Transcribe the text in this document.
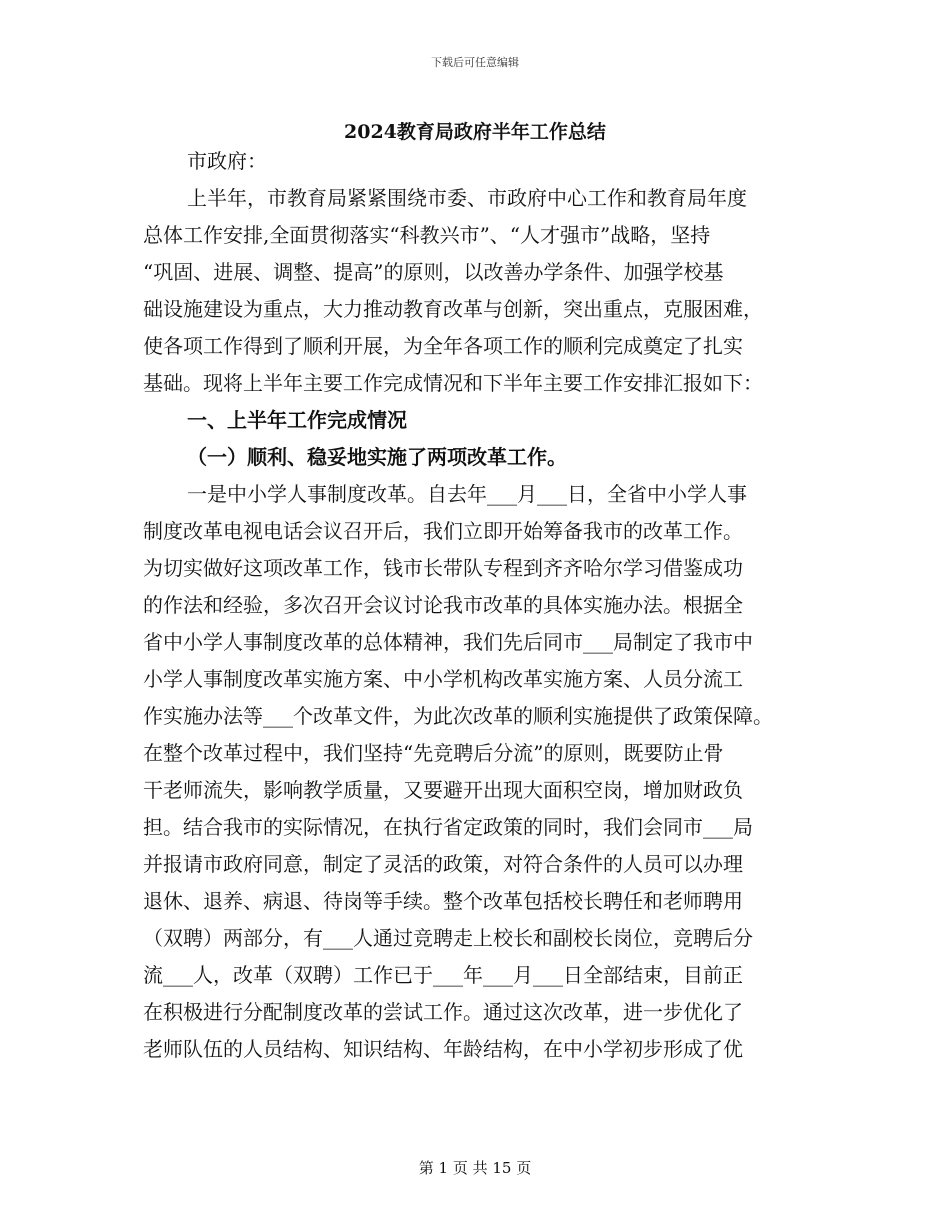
下载后可任意编辑
2024教育局政府半年工作总结
市政府：
上半年，市教育局紧紧围绕市委、市政府中心工作和教育局年度
总体工作安排,全面贯彻落实“科教兴市”、“人才强市”战略，坚持
“巩固、进展、调整、提高”的原则，以改善办学条件、加强学校基
础设施建设为重点，大力推动教育改革与创新，突出重点，克服困难，
使各项工作得到了顺利开展，为全年各项工作的顺利完成奠定了扎实
基础。现将上半年主要工作完成情况和下半年主要工作安排汇报如下：
一、上半年工作完成情况
（一）顺利、稳妥地实施了两项改革工作。
一是中小学人事制度改革。自去年___月___日，全省中小学人事
制度改革电视电话会议召开后，我们立即开始筹备我市的改革工作。
为切实做好这项改革工作，钱市长带队专程到齐齐哈尔学习借鉴成功
的作法和经验，多次召开会议讨论我市改革的具体实施办法。根据全
省中小学人事制度改革的总体精神，我们先后同市___局制定了我市中
小学人事制度改革实施方案、中小学机构改革实施方案、人员分流工
作实施办法等___个改革文件，为此次改革的顺利实施提供了政策保障。
在整个改革过程中，我们坚持“先竞聘后分流”的原则，既要防止骨
干老师流失，影响教学质量，又要避开出现大面积空岗，增加财政负
担。结合我市的实际情况，在执行省定政策的同时，我们会同市___局
并报请市政府同意，制定了灵活的政策，对符合条件的人员可以办理
退休、退养、病退、待岗等手续。整个改革包括校长聘任和老师聘用
（双聘）两部分，有___人通过竞聘走上校长和副校长岗位，竞聘后分
流___人，改革（双聘）工作已于___年___月___日全部结束，目前正
在积极进行分配制度改革的尝试工作。通过这次改革，进一步优化了
老师队伍的人员结构、知识结构、年龄结构，在中小学初步形成了优
第 1 页 共 15 页
